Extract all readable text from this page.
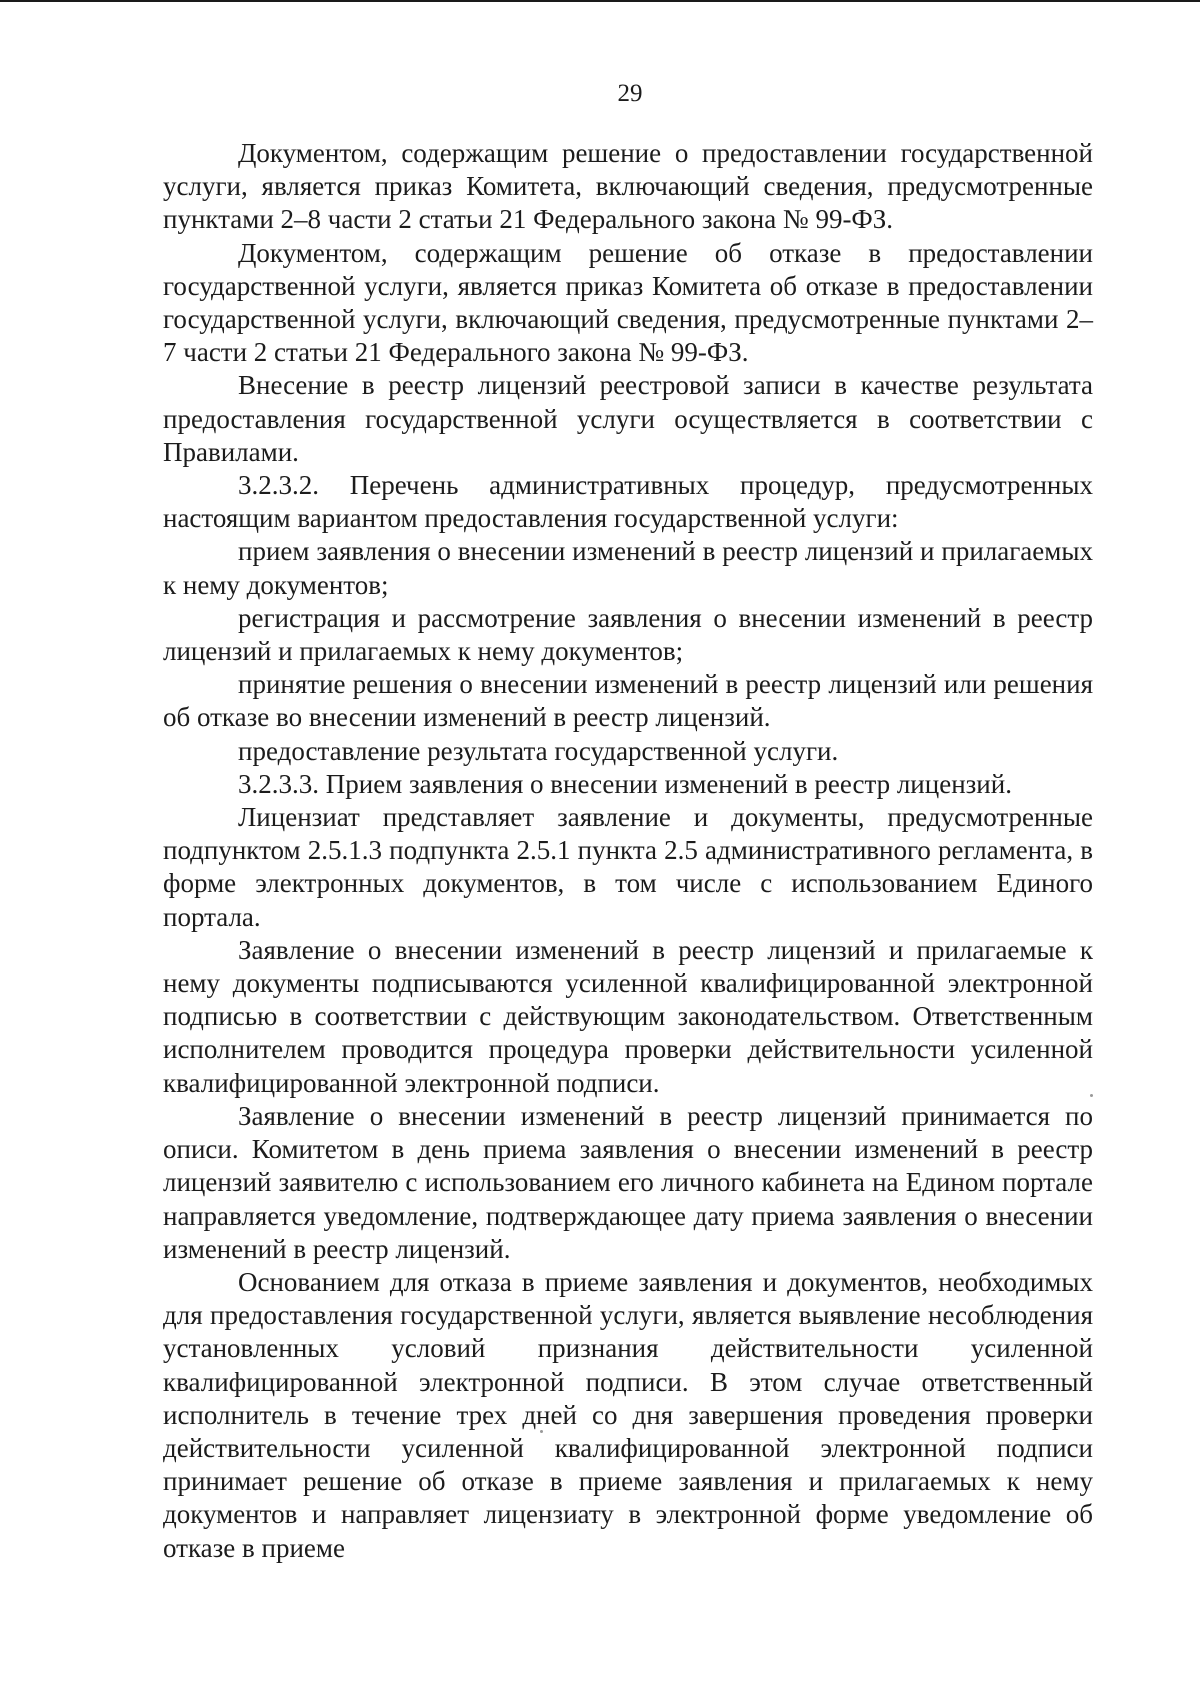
29

Документом, содержащим решение о предоставлении государственной услуги, является приказ Комитета, включающий сведения, предусмотренные пунктами 2–8 части 2 статьи 21 Федерального закона № 99-ФЗ.

Документом, содержащим решение об отказе в предоставлении государственной услуги, является приказ Комитета об отказе в предоставлении государственной услуги, включающий сведения, предусмотренные пунктами 2–7 части 2 статьи 21 Федерального закона № 99-ФЗ.

Внесение в реестр лицензий реестровой записи в качестве результата предоставления государственной услуги осуществляется в соответствии с Правилами.

3.2.3.2. Перечень административных процедур, предусмотренных настоящим вариантом предоставления государственной услуги:

прием заявления о внесении изменений в реестр лицензий и прилагаемых к нему документов;

регистрация и рассмотрение заявления о внесении изменений в реестр лицензий и прилагаемых к нему документов;

принятие решения о внесении изменений в реестр лицензий или решения об отказе во внесении изменений в реестр лицензий.

предоставление результата государственной услуги.

3.2.3.3. Прием заявления о внесении изменений в реестр лицензий.

Лицензиат представляет заявление и документы, предусмотренные подпунктом 2.5.1.3 подпункта 2.5.1 пункта 2.5 административного регламента, в форме электронных документов, в том числе с использованием Единого портала.

Заявление о внесении изменений в реестр лицензий и прилагаемые к нему документы подписываются усиленной квалифицированной электронной подписью в соответствии с действующим законодательством. Ответственным исполнителем проводится процедура проверки действительности усиленной квалифицированной электронной подписи.

Заявление о внесении изменений в реестр лицензий принимается по описи. Комитетом в день приема заявления о внесении изменений в реестр лицензий заявителю с использованием его личного кабинета на Едином портале направляется уведомление, подтверждающее дату приема заявления о внесении изменений в реестр лицензий.

Основанием для отказа в приеме заявления и документов, необходимых для предоставления государственной услуги, является выявление несоблюдения установленных условий признания действительности усиленной квалифицированной электронной подписи. В этом случае ответственный исполнитель в течение трех дней со дня завершения проведения проверки действительности усиленной квалифицированной электронной подписи принимает решение об отказе в приеме заявления и прилагаемых к нему документов и направляет лицензиату в электронной форме уведомление об отказе в приеме
